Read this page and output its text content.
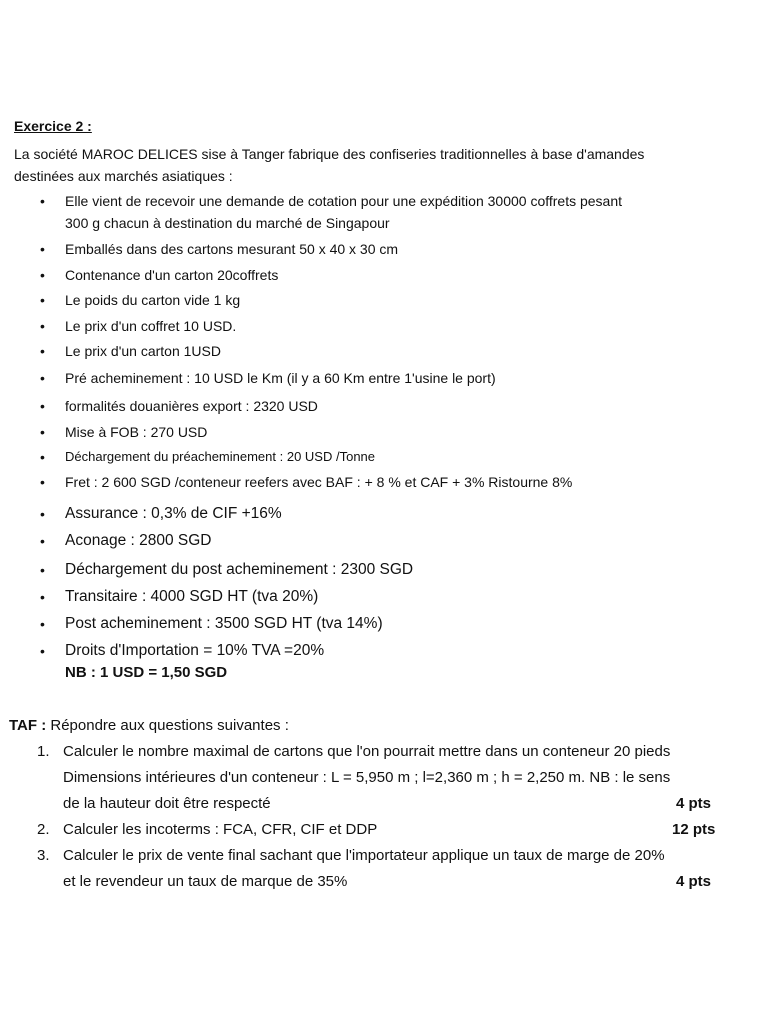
Exercice 2 :

La société MAROC DELICES sise à Tanger fabrique des confiseries traditionnelles à base d'amandes
destinées aux marchés asiatiques :

• Elle vient de recevoir une demande de cotation pour une expédition 30000 coffrets pesant
300 g chacun à destination du marché de Singapour
• Emballés dans des cartons mesurant 50 x 40 x 30 cm
• Contenance d'un carton 20coffrets
• Le poids du carton vide 1 kg
• Le prix d'un coffret 10 USD.
• Le prix d'un carton 1USD
• Pré acheminement : 10 USD le Km (il y a 60 Km entre 1'usine le port)
• formalités douanières export : 2320 USD
• Mise à FOB : 270 USD
• Déchargement du préacheminement : 20 USD /Tonne
• Fret : 2 600 SGD /conteneur reefers avec BAF : + 8 % et CAF + 3% Ristourne 8%
• Assurance : 0,3% de CIF +16%
• Aconage : 2800 SGD
• Déchargement du post acheminement : 2300 SGD
• Transitaire : 4000 SGD HT (tva 20%)
• Post acheminement : 3500 SGD HT (tva 14%)
• Droits d'Importation = 10% TVA =20%

NB : 1 USD = 1,50 SGD

TAF : Répondre aux questions suivantes :

1. Calculer le nombre maximal de cartons que l'on pourrait mettre dans un conteneur 20 pieds
Dimensions intérieures d'un conteneur : L = 5,950 m ; l=2,360 m ; h = 2,250 m. NB : le sens
de la hauteur doit être respecté	4 pts
2. Calculer les incoterms : FCA, CFR, CIF et DDP	12 pts
3. Calculer le prix de vente final sachant que l'importateur applique un taux de marge de 20%
et le revendeur un taux de marque de 35%	4 pts
